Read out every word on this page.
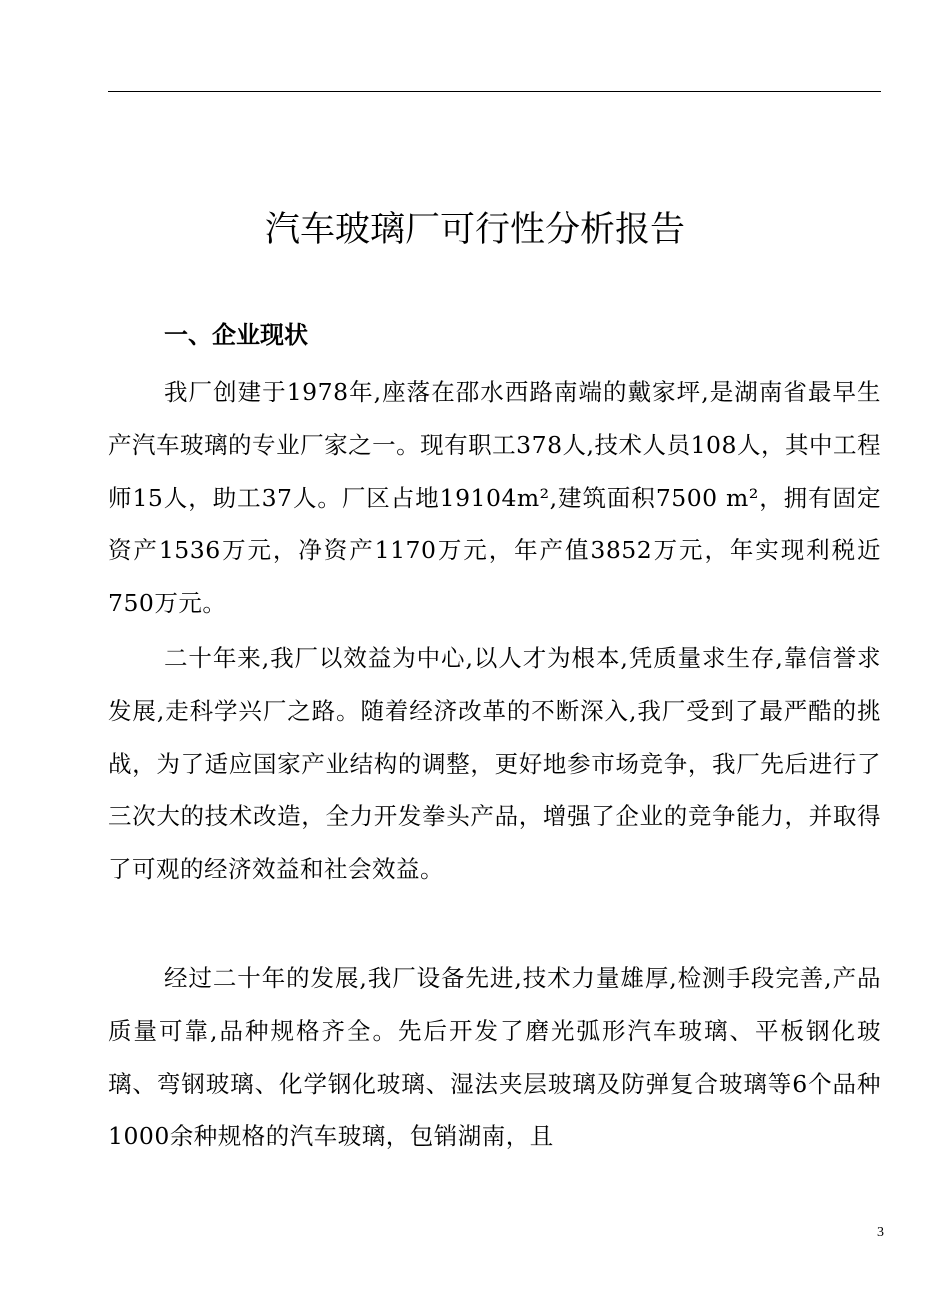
汽车玻璃厂可行性分析报告
一、企业现状

我厂创建于1978年,座落在邵水西路南端的戴家坪,是湖南省最早生产汽车玻璃的专业厂家之一。现有职工378人,技术人员108人，其中工程师15人，助工37人。厂区占地19104m²,建筑面积7500 m²，拥有固定资产1536万元，净资产1170万元，年产值3852万元，年实现利税近750万元。

二十年来,我厂以效益为中心,以人才为根本,凭质量求生存,靠信誉求发展,走科学兴厂之路。随着经济改革的不断深入,我厂受到了最严酷的挑战，为了适应国家产业结构的调整，更好地参市场竞争，我厂先后进行了三次大的技术改造，全力开发拳头产品，增强了企业的竞争能力，并取得了可观的经济效益和社会效益。

经过二十年的发展,我厂设备先进,技术力量雄厚,检测手段完善,产品质量可靠,品种规格齐全。先后开发了磨光弧形汽车玻璃、平板钢化玻璃、弯钢玻璃、化学钢化玻璃、湿法夹层玻璃及防弹复合玻璃等6个品种1000余种规格的汽车玻璃，包销湖南，且

3
